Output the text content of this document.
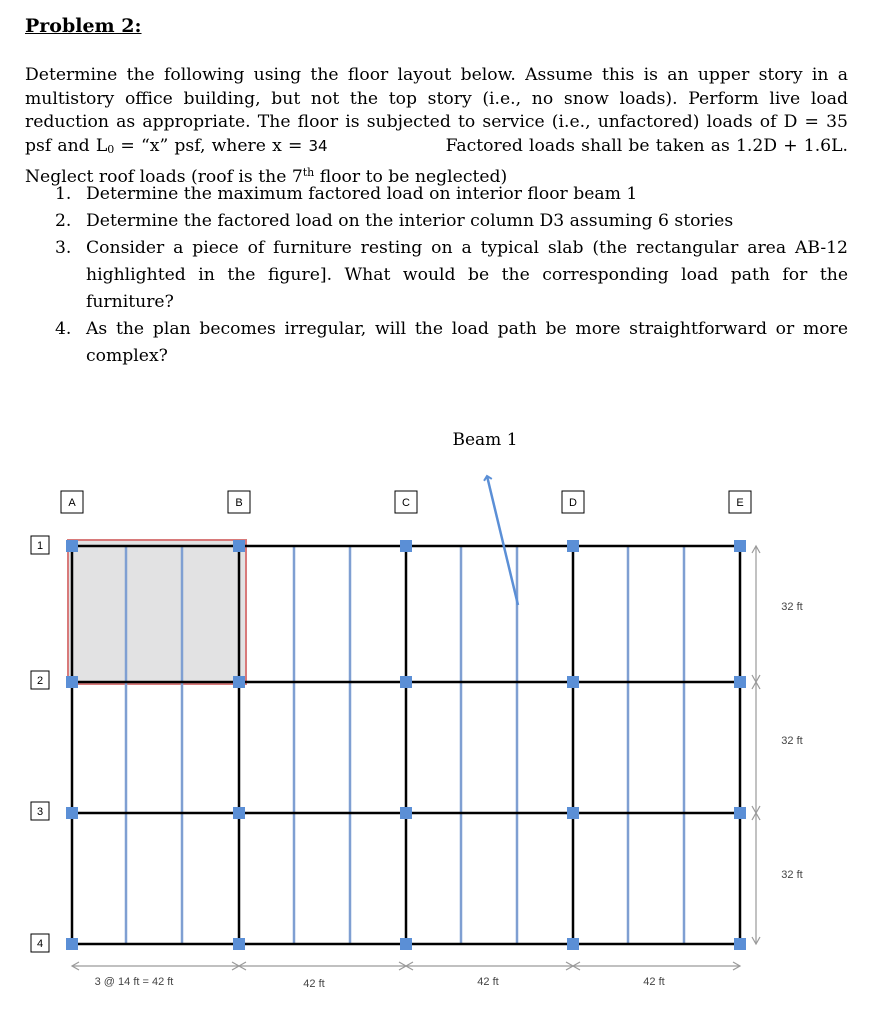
Problem 2:
Determine the following using the floor layout below. Assume this is an upper story in a multistory office building, but not the top story (i.e., no snow loads). Perform live load reduction as appropriate. The floor is subjected to service (i.e., unfactored) loads of D = 35 psf and L0 = “x” psf, where x = 34	Factored loads shall be taken as 1.2D + 1.6L. Neglect roof loads (roof is the 7th floor to be neglected)
1. Determine the maximum factored load on interior floor beam 1
2. Determine the factored load on the interior column D3 assuming 6 stories
3. Consider a piece of furniture resting on a typical slab (the rectangular area AB-12 highlighted in the figure]. What would be the corresponding load path for the furniture?
4. As the plan becomes irregular, will the load path be more straightforward or more complex?
Beam 1
A	B	C	D	E
1
2
3
4
3 @ 14 ft = 42 ft	42 ft	42 ft	42 ft
32 ft
32 ft
32 ft
